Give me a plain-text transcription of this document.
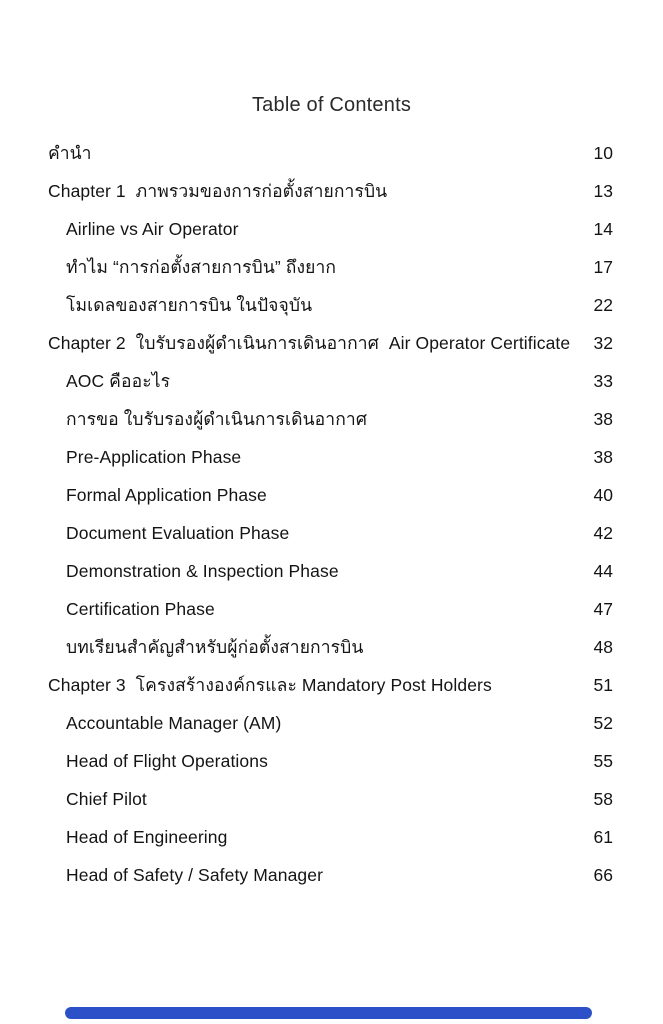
Table of Contents
คำนำ	10
Chapter 1  ภาพรวมของการก่อตั้งสายการบิน	13
Airline vs Air Operator	14
ทำไม “การก่อตั้งสายการบิน” ถึงยาก	17
โมเดลของสายการบิน ในปัจจุบัน	22
Chapter 2  ใบรับรองผู้ดำเนินการเดินอากาศ  Air Operator Certificate	32
AOC คืออะไร	33
การขอ ใบรับรองผู้ดำเนินการเดินอากาศ	38
Pre-Application Phase	38
Formal Application Phase	40
Document Evaluation Phase	42
Demonstration & Inspection Phase	44
Certification Phase	47
บทเรียนสำคัญสำหรับผู้ก่อตั้งสายการบิน	48
Chapter 3  โครงสร้างองค์กรและ Mandatory Post Holders	51
Accountable Manager (AM)	52
Head of Flight Operations	55
Chief Pilot	58
Head of Engineering	61
Head of Safety / Safety Manager	66
